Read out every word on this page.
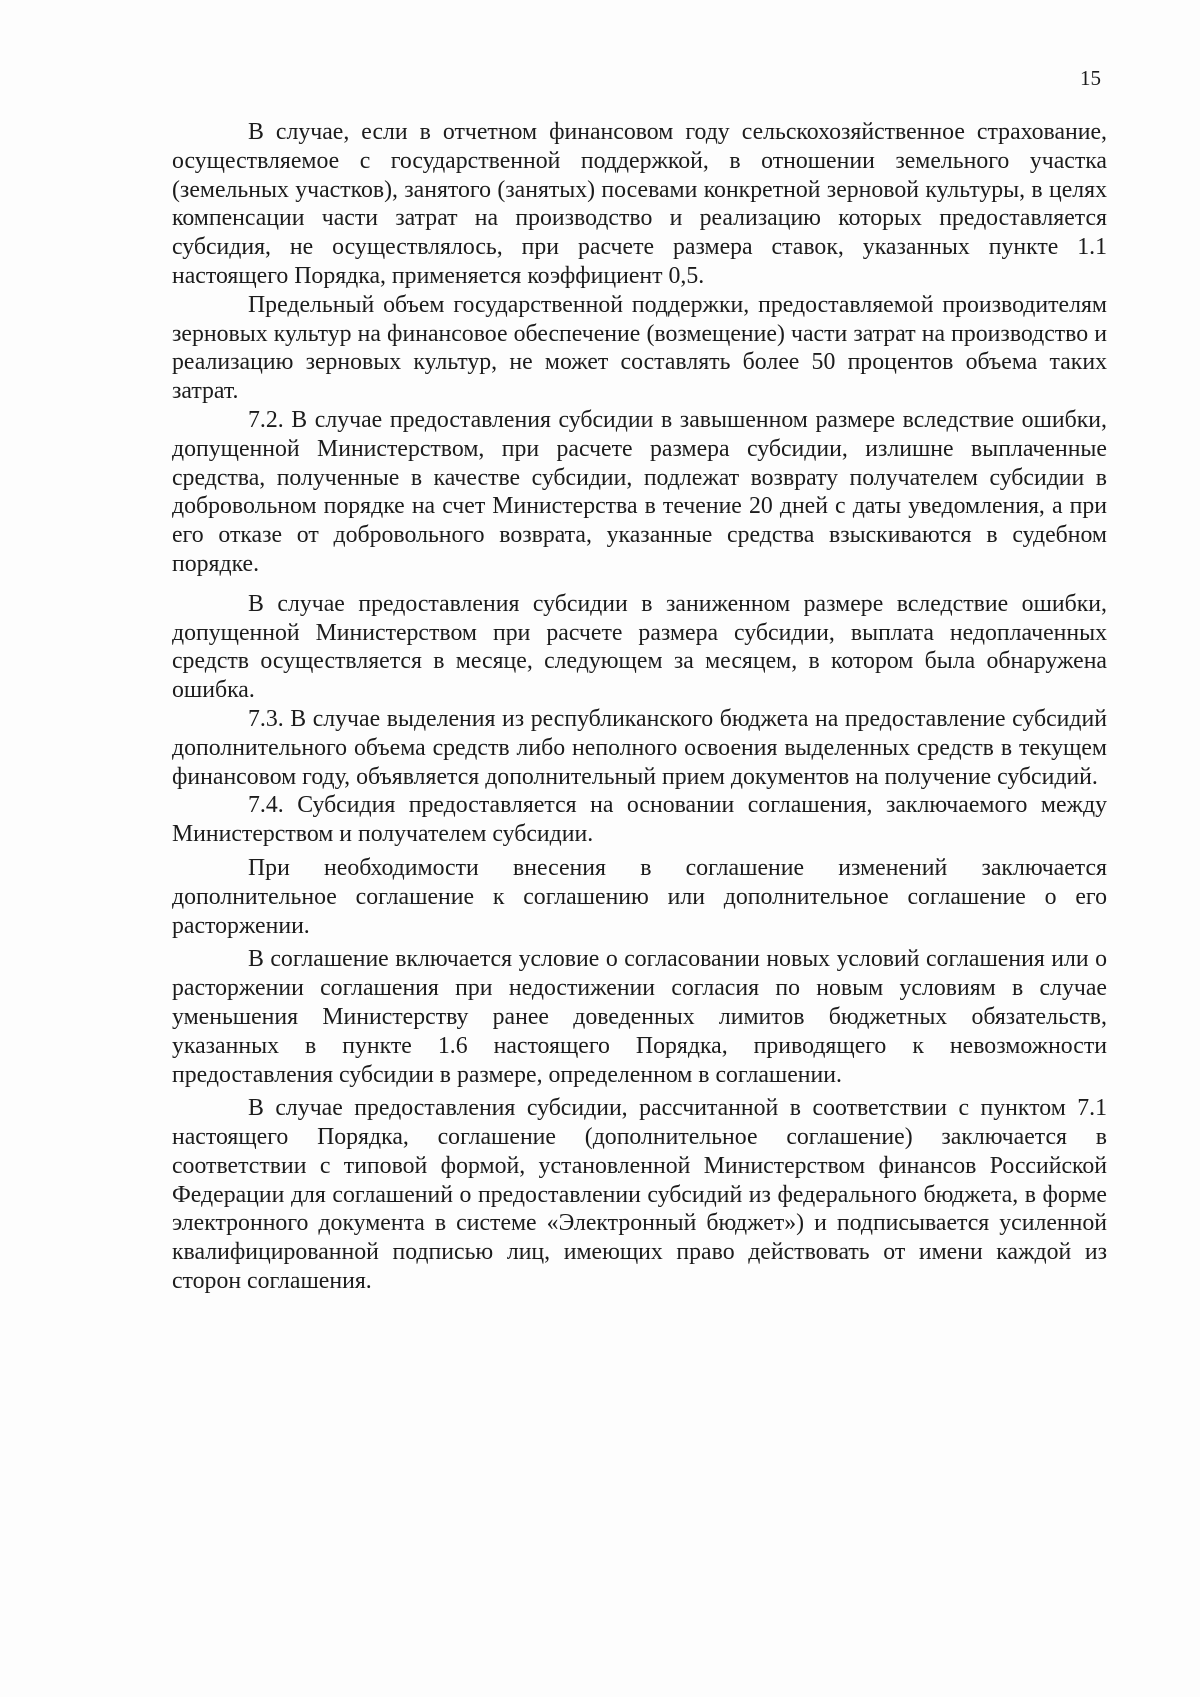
15

В случае, если в отчетном финансовом году сельскохозяйственное страхование, осуществляемое с государственной поддержкой, в отношении земельного участка (земельных участков), занятого (занятых) посевами конкретной зерновой культуры, в целях компенсации части затрат на производство и реализацию которых предоставляется субсидия, не осуществлялось, при расчете размера ставок, указанных пункте 1.1 настоящего Порядка, применяется коэффициент 0,5.

Предельный объем государственной поддержки, предоставляемой производителям зерновых культур на финансовое обеспечение (возмещение) части затрат на производство и реализацию зерновых культур, не может составлять более 50 процентов объема таких затрат.

7.2. В случае предоставления субсидии в завышенном размере вследствие ошибки, допущенной Министерством, при расчете размера субсидии, излишне выплаченные средства, полученные в качестве субсидии, подлежат возврату получателем субсидии в добровольном порядке на счет Министерства в течение 20 дней с даты уведомления, а при его отказе от добровольного возврата, указанные средства взыскиваются в судебном порядке.

В случае предоставления субсидии в заниженном размере вследствие ошибки, допущенной Министерством при расчете размера субсидии, выплата недоплаченных средств осуществляется в месяце, следующем за месяцем, в котором была обнаружена ошибка.

7.3. В случае выделения из республиканского бюджета на предоставление субсидий дополнительного объема средств либо неполного освоения выделенных средств в текущем финансовом году, объявляется дополнительный прием документов на получение субсидий.

7.4. Субсидия предоставляется на основании соглашения, заключаемого между Министерством и получателем субсидии.

При необходимости внесения в соглашение изменений заключается дополнительное соглашение к соглашению или дополнительное соглашение о его расторжении.

В соглашение включается условие о согласовании новых условий соглашения или о расторжении соглашения при недостижении согласия по новым условиям в случае уменьшения Министерству ранее доведенных лимитов бюджетных обязательств, указанных в пункте 1.6 настоящего Порядка, приводящего к невозможности предоставления субсидии в размере, определенном в соглашении.

В случае предоставления субсидии, рассчитанной в соответствии с пунктом 7.1 настоящего Порядка, соглашение (дополнительное соглашение) заключается в соответствии с типовой формой, установленной Министерством финансов Российской Федерации для соглашений о предоставлении субсидий из федерального бюджета, в форме электронного документа в системе «Электронный бюджет») и подписывается усиленной квалифицированной подписью лиц, имеющих право действовать от имени каждой из сторон соглашения.
